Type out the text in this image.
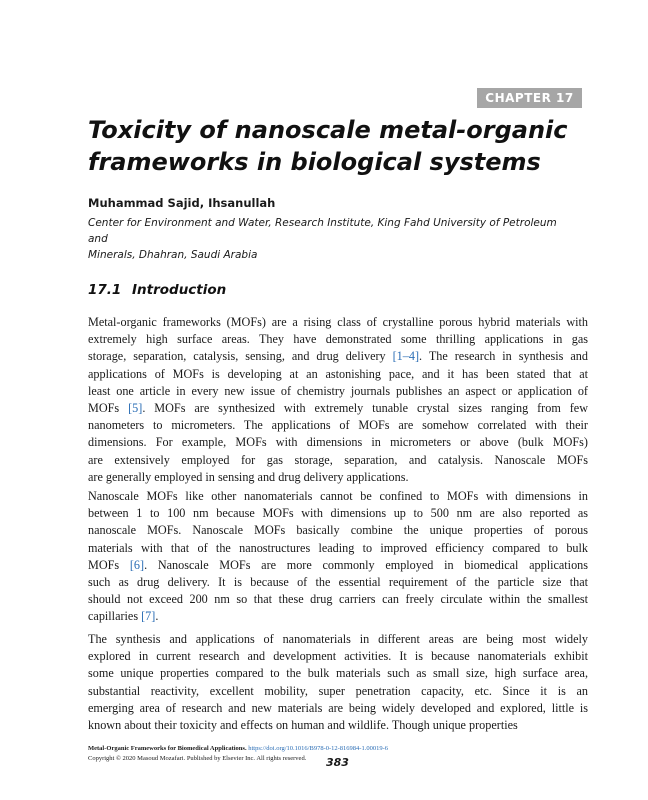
CHAPTER 17
Toxicity of nanoscale metal-organic
frameworks in biological systems
Muhammad Sajid, Ihsanullah
Center for Environment and Water, Research Institute, King Fahd University of Petroleum and
Minerals, Dhahran, Saudi Arabia
17.1 Introduction
Metal-organic frameworks (MOFs) are a rising class of crystalline porous hybrid materials with
extremely high surface areas. They have demonstrated some thrilling applications in gas
storage, separation, catalysis, sensing, and drug delivery [1–4]. The research in synthesis and
applications of MOFs is developing at an astonishing pace, and it has been stated that at
least one article in every new issue of chemistry journals publishes an aspect or application of
MOFs [5]. MOFs are synthesized with extremely tunable crystal sizes ranging from few
nanometers to micrometers. The applications of MOFs are somehow correlated with their
dimensions. For example, MOFs with dimensions in micrometers or above (bulk MOFs)
are extensively employed for gas storage, separation, and catalysis. Nanoscale MOFs
are generally employed in sensing and drug delivery applications.
Nanoscale MOFs like other nanomaterials cannot be confined to MOFs with dimensions in
between 1 to 100 nm because MOFs with dimensions up to 500 nm are also reported as
nanoscale MOFs. Nanoscale MOFs basically combine the unique properties of porous
materials with that of the nanostructures leading to improved efficiency compared to bulk
MOFs [6]. Nanoscale MOFs are more commonly employed in biomedical applications
such as drug delivery. It is because of the essential requirement of the particle size that
should not exceed 200 nm so that these drug carriers can freely circulate within the smallest
capillaries [7].
The synthesis and applications of nanomaterials in different areas are being most widely
explored in current research and development activities. It is because nanomaterials exhibit
some unique properties compared to the bulk materials such as small size, high surface area,
substantial reactivity, excellent mobility, super penetration capacity, etc. Since it is an
emerging area of research and new materials are being widely developed and explored, little is
known about their toxicity and effects on human and wildlife. Though unique properties
Metal-Organic Frameworks for Biomedical Applications. https://doi.org/10.1016/B978-0-12-816984-1.00019-6
Copyright © 2020 Masoud Mozafari. Published by Elsevier Inc. All rights reserved.	383
